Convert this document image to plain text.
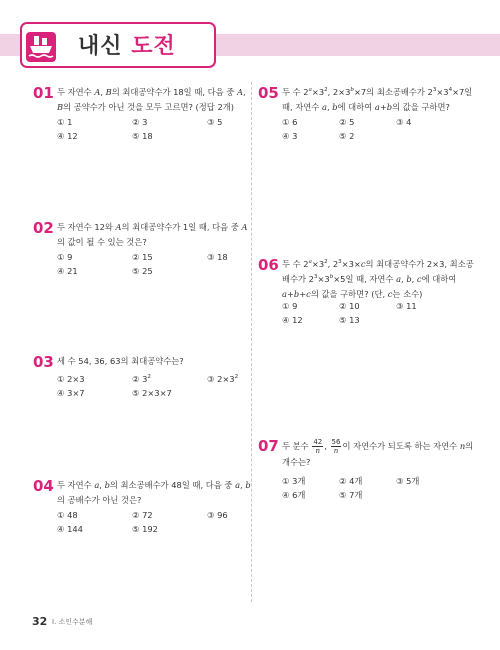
내신 도전
01 두 자연수 A, B의 최대공약수가 18일 때, 다음 중 A, B의 공약수가 아닌 것을 모두 고르면? (정답 2개)
① 1	② 3	③ 5
④ 12	⑤ 18
02 두 자연수 12와 A의 최대공약수가 1일 때, 다음 중 A의 값이 될 수 있는 것은?
① 9	② 15	③ 18
④ 21	⑤ 25
03 세 수 54, 36, 63의 최대공약수는?
① 2×3	② $3^2$	③ $2\times 3^2$
④ 3×7	⑤ 2×3×7
04 두 자연수 a, b의 최소공배수가 48일 때, 다음 중 a, b의 공배수가 아닌 것은?
① 48	② 72	③ 96
④ 144	⑤ 192
05 두 수 $2^a\times 3^2$, $2\times 3^b\times 7$의 최소공배수가 $2^3\times 3^4\times 7$일 때, 자연수 a, b에 대하여 a+b의 값을 구하면?
① 6	② 5	③ 4
④ 3	⑤ 2
06 두 수 $2^a\times 3^2$, $2^3\times 3\times c$의 최대공약수가 2×3, 최소공배수가 $2^3\times 3^b\times 5$일 때, 자연수 a, b, c에 대하여 a+b+c의 값을 구하면? (단, c는 소수)
① 9	② 10	③ 11
④ 12	⑤ 13
07 두 분수 $\frac{42}{n}$ , $\frac{56}{n}$ 이 자연수가 되도록 하는 자연수 n의 개수는?
① 3개	② 4개	③ 5개
④ 6개	⑤ 7개
32 I. 소인수분해
